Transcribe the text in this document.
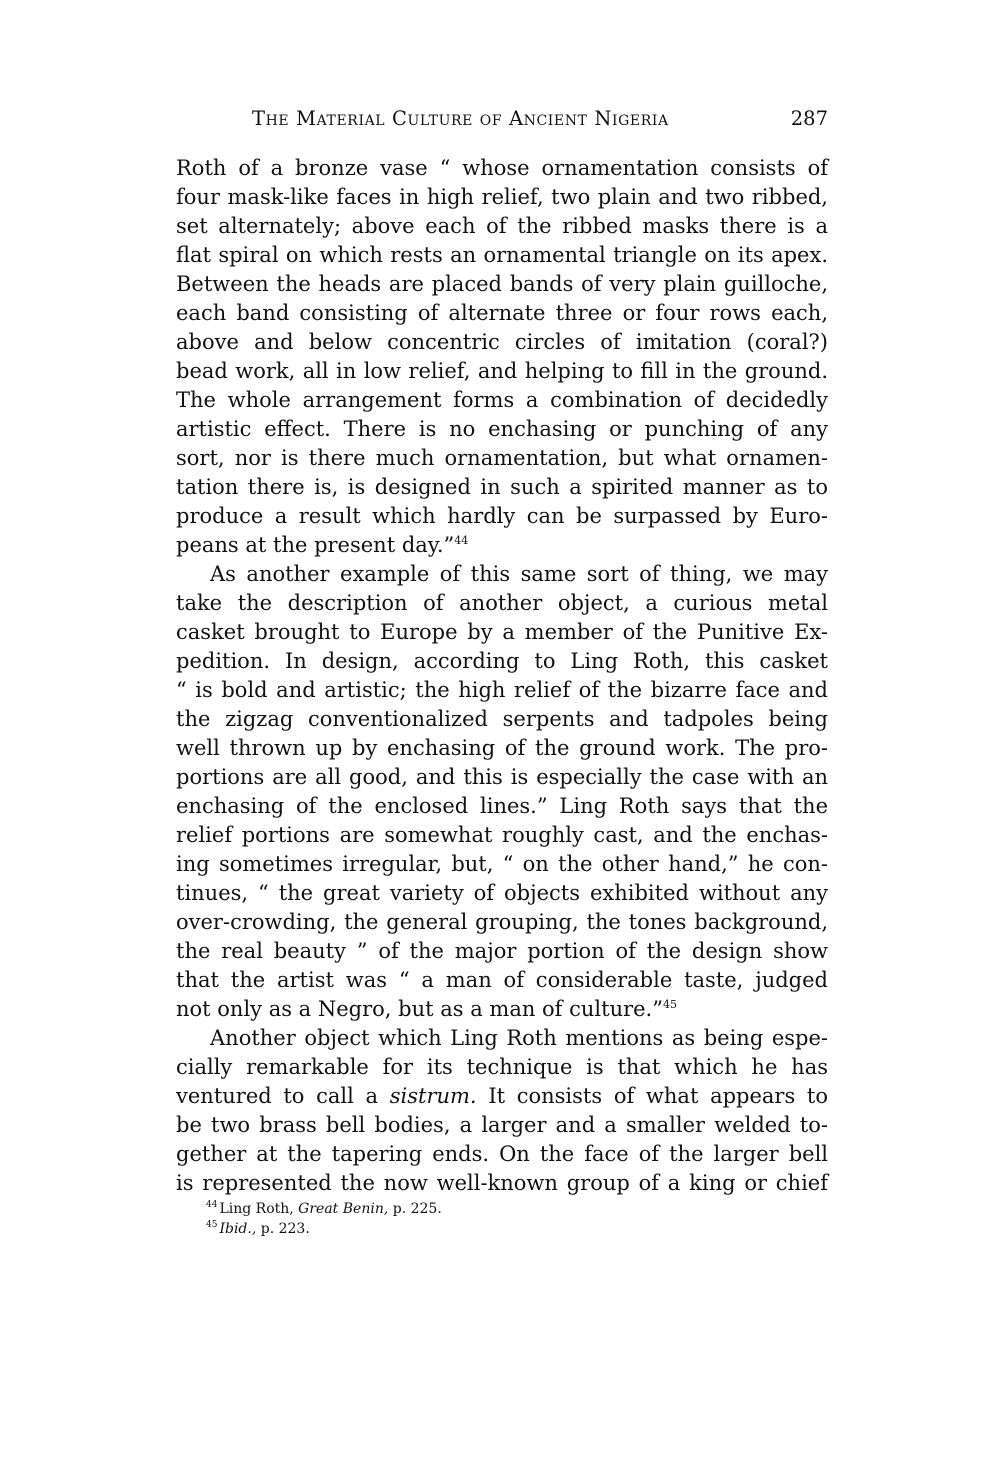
The Material Culture of Ancient Nigeria	287
Roth of a bronze vase “ whose ornamentation consists of
four mask-like faces in high relief, two plain and two ribbed,
set alternately; above each of the ribbed masks there is a
flat spiral on which rests an ornamental triangle on its apex.
Between the heads are placed bands of very plain guilloche,
each band consisting of alternate three or four rows each,
above and below concentric circles of imitation (coral?)
bead work, all in low relief, and helping to fill in the ground.
The whole arrangement forms a combination of decidedly
artistic effect. There is no enchasing or punching of any
sort, nor is there much ornamentation, but what ornamen-
tation there is, is designed in such a spirited manner as to
produce a result which hardly can be surpassed by Euro-
peans at the present day.”$^{44}$
As another example of this same sort of thing, we may
take the description of another object, a curious metal
casket brought to Europe by a member of the Punitive Ex-
pedition. In design, according to Ling Roth, this casket
“ is bold and artistic; the high relief of the bizarre face and
the zigzag conventionalized serpents and tadpoles being
well thrown up by enchasing of the ground work. The pro-
portions are all good, and this is especially the case with an
enchasing of the enclosed lines.” Ling Roth says that the
relief portions are somewhat roughly cast, and the enchas-
ing sometimes irregular, but, “ on the other hand,” he con-
tinues, “ the great variety of objects exhibited without any
over-crowding, the general grouping, the tones background,
the real beauty ” of the major portion of the design show
that the artist was “ a man of considerable taste, judged
not only as a Negro, but as a man of culture.”$^{45}$
Another object which Ling Roth mentions as being espe-
cially remarkable for its technique is that which he has
ventured to call a sistrum. It consists of what appears to
be two brass bell bodies, a larger and a smaller welded to-
gether at the tapering ends. On the face of the larger bell
is represented the now well-known group of a king or chief
$^{44}$ Ling Roth, Great Benin, p. 225.
$^{45}$ Ibid., p. 223.
